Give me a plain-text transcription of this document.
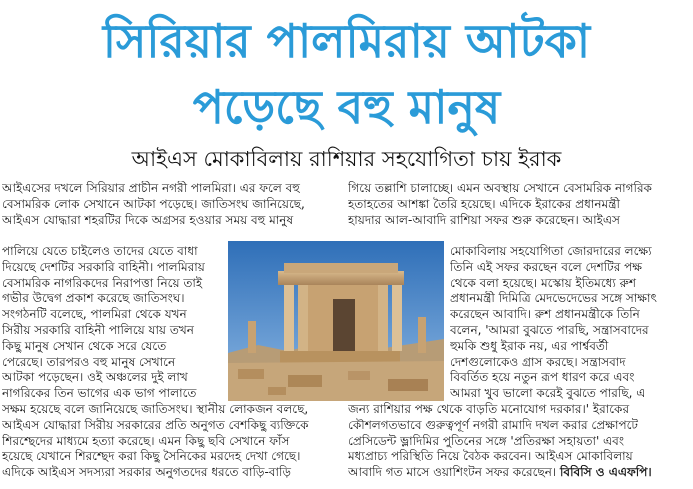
সিরিয়ার পালমিরায় আটকা
পড়েছে বহু মানুষ
আইএস মোকাবিলায় রাশিয়ার সহযোগিতা চায় ইরাক

আইএসের দখলে সিরিয়ার প্রাচীন নগরী পালমিরা। এর ফলে বহু

বেসামরিক লোক সেখানে আটকা পড়েছে। জাতিসংঘ জানিয়েছে,

আইএস যোদ্ধারা শহরটির দিকে অগ্রসর হওয়ার সময় বহু মানুষ

পালিয়ে যেতে চাইলেও তাদের যেতে বাধা

দিয়েছে দেশটির সরকারি বাহিনী। পালমিরায়

বেসামরিক নাগরিকদের নিরাপত্তা নিয়ে তাই

গভীর উদ্বেগ প্রকাশ করেছে জাতিসংঘ।

সংগঠনটি বলেছে, পালমিরা থেকে যখন

সিরীয় সরকারি বাহিনী পালিয়ে যায় তখন

কিছু মানুষ সেখান থেকে সরে যেতে

পেরেছে। তারপরও বহু মানুষ সেখানে

আটকা পড়েছেন। ওই অঞ্চলের দুই লাখ

নাগরিকের তিন ভাগের এক ভাগ পালাতে

গিয়ে তল্লাশি চালাচ্ছে। এমন অবস্থায় সেখানে বেসামরিক নাগরিক

হতাহতের আশঙ্কা তৈরি হয়েছে। এদিকে ইরাকের প্রধানমন্ত্রী

হায়দার আল-আবাদি রাশিয়া সফর শুরু করেছেন। আইএস

মোকাবিলায় সহযোগিতা জোরদারের লক্ষ্যে

তিনি এই সফর করছেন বলে দেশটির পক্ষ

থেকে বলা হয়েছে। মস্কোয় ইতিমধ্যে রুশ

প্রধানমন্ত্রী দিমিত্রি মেদভেদেভের সঙ্গে সাক্ষাৎ

করেছেন আবাদি। রুশ প্রধানমন্ত্রীকে তিনি

বলেন, 'আমরা বুঝতে পারছি, সন্ত্রাসবাদের

হুমকি শুধু ইরাক নয়, এর পার্শ্ববর্তী

দেশগুলোকেও গ্রাস করছে। সন্ত্রাসবাদ

বিবর্তিত হয়ে নতুন রূপ ধারণ করে এবং

আমরা খুব ভালো করেই বুঝতে পারছি, এ

সক্ষম হয়েছে বলে জানিয়েছে জাতিসংঘ। স্থানীয় লোকজন বলছে,

আইএস যোদ্ধারা সিরীয় সরকারের প্রতি অনুগত বেশকিছু ব্যক্তিকে

শিরশ্ছেদের মাধ্যমে হত্যা করেছে। এমন কিছু ছবি সেখানে ফাঁস

হয়েছে যেখানে শিরশ্ছেদ করা কিছু সৈনিকের মরদেহ দেখা গেছে।

এদিকে আইএস সদস্যরা সরকার অনুগতদের ধরতে বাড়ি-বাড়ি

জন্য রাশিয়ার পক্ষ থেকে বাড়তি মনোযোগ দরকার।' ইরাকের

কৌশলগতভাবে গুরুত্বপূর্ণ নগরী রামাদি দখল করার প্রেক্ষাপটে

প্রেসিডেন্ট ভ্লাদিমির পুতিনের সঙ্গে 'প্রতিরক্ষা সহায়তা' এবং

মধ্যপ্রাচ্য পরিস্থিতি নিয়ে বৈঠক করবেন। আইএস মোকাবিলায়

আবাদি গত মাসে ওয়াশিংটন সফর করেছেন। বিবিসি ও এএফপি।
